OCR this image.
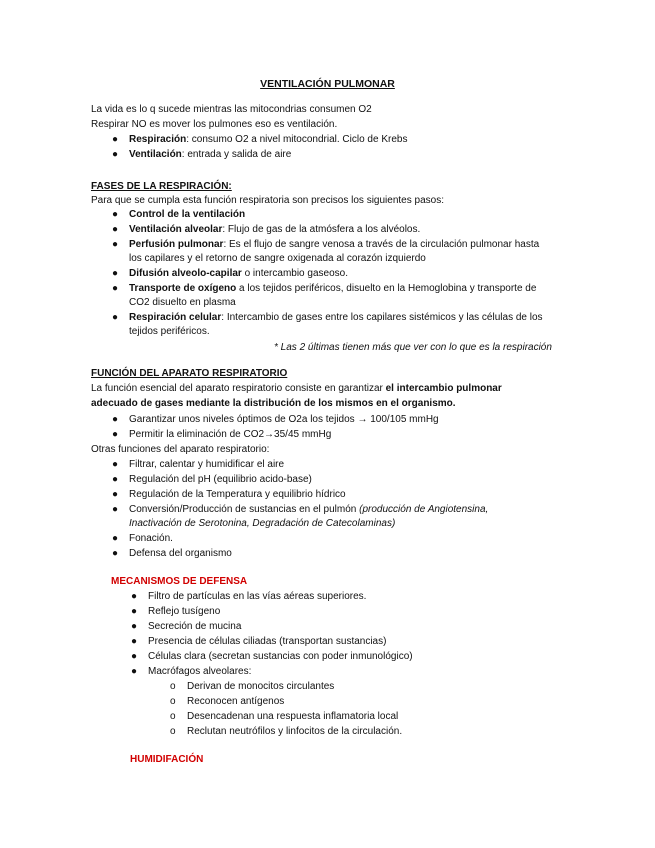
VENTILACIÓN PULMONAR
La vida es lo q sucede mientras las mitocondrias consumen O2
Respirar NO es mover los pulmones eso es ventilación.
● Respiración: consumo O2 a nivel mitocondrial. Ciclo de Krebs
● Ventilación: entrada y salida de aire
FASES DE LA RESPIRACIÓN:
Para que se cumpla esta función respiratoria son precisos los siguientes pasos:
● Control de la ventilación
● Ventilación alveolar: Flujo de gas de la atmósfera a los alvéolos.
● Perfusión pulmonar: Es el flujo de sangre venosa a través de la circulación pulmonar hasta
los capilares y el retorno de sangre oxigenada al corazón izquierdo
● Difusión alveolo-capilar o intercambio gaseoso.
● Transporte de oxígeno a los tejidos periféricos, disuelto en la Hemoglobina y transporte de
CO2 disuelto en plasma
● Respiración celular: Intercambio de gases entre los capilares sistémicos y las células de los
tejidos periféricos.
* Las 2 últimas tienen más que ver con lo que es la respiración
FUNCIÓN DEL APARATO RESPIRATORIO
La función esencial del aparato respiratorio consiste en garantizar el intercambio pulmonar
adecuado de gases mediante la distribución de los mismos en el organismo.
● Garantizar unos niveles óptimos de O2a los tejidos → 100/105 mmHg
● Permitir la eliminación de CO2→35/45 mmHg
Otras funciones del aparato respiratorio:
● Filtrar, calentar y humidificar el aire
● Regulación del pH (equilibrio acido-base)
● Regulación de la Temperatura y equilibrio hídrico
● Conversión/Producción de sustancias en el pulmón (producción de Angiotensina,
Inactivación de Serotonina, Degradación de Catecolaminas)
● Fonación.
● Defensa del organismo
MECANISMOS DE DEFENSA
● Filtro de partículas en las vías aéreas superiores.
● Reflejo tusígeno
● Secreción de mucina
● Presencia de células ciliadas (transportan sustancias)
● Células clara (secretan sustancias con poder inmunológico)
● Macrófagos alveolares:
o Derivan de monocitos circulantes
o Reconocen antígenos
o Desencadenan una respuesta inflamatoria local
o Reclutan neutrófilos y linfocitos de la circulación.
HUMIDIFACIÓN
